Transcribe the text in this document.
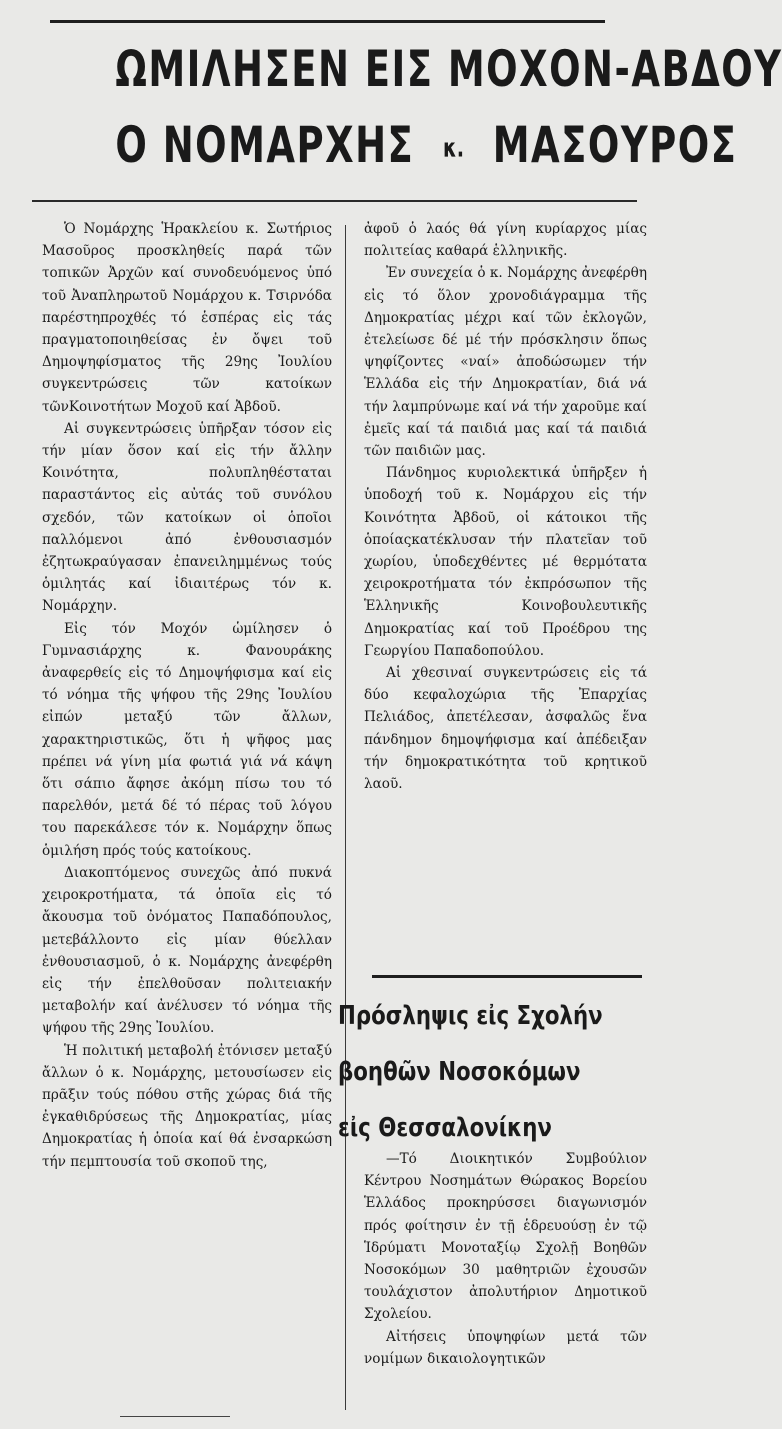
ΩΜΙΛΗΣΕΝ ΕΙΣ ΜΟΧΟΝ-ΑΒΔΟΥ
Ο ΝΟΜΑΡΧΗΣ κ. ΜΑΣΟΥΡΟΣ

Ὁ Νομάρχης Ἡρακλείου κ. Σωτήριος Μασοῦρος προσκληθείς παρά τῶν τοπικῶν Ἀρχῶν καί συνοδευόμενος ὑπό τοῦ Ἀναπληρωτοῦ Νομάρχου κ. Τσιρνόδα παρέστηπροχθές τό ἑσπέρας εἰς τάς πραγματοποιηθείσας ἐν ὄψει τοῦ Δημοψηφίσματος τῆς 29ης Ἰουλίου συγκεντρώσεις τῶν κατοίκων τῶνΚοινοτήτων Μοχοῦ καί Ἀβδοῦ.

Αἱ συγκεντρώσεις ὑπῆρξαν τόσον εἰς τήν μίαν ὅσον καί εἰς τήν ἄλλην Κοινότητα, πολυπληθέσταται παραστάντος εἰς αὐτάς τοῦ συνόλου σχεδόν, τῶν κατοίκων οἱ ὁποῖοι παλλόμενοι ἀπό ἐνθουσιασμόν ἐζητωκραύγασαν ἐπανειλημμένως τούς ὁμιλητάς καί ἰδιαιτέρως τόν κ. Νομάρχην.

Εἰς τόν Μοχόν ὡμίλησεν ὁ Γυμνασιάρχης κ. Φανουράκης ἀναφερθείς εἰς τό Δημοψήφισμα καί εἰς τό νόημα τῆς ψήφου τῆς 29ης Ἰουλίου εἰπών μεταξύ τῶν ἄλλων, χαρακτηριστικῶς, ὅτι ἡ ψῆφος μας πρέπει νά γίνη μία φωτιά γιά νά κάψη ὅτι σάπιο ἄφησε ἀκόμη πίσω του τό παρελθόν, μετά δέ τό πέρας τοῦ λόγου του παρεκάλεσε τόν κ. Νομάρχην ὅπως ὁμιλήση πρός τούς κατοίκους.

Διακοπτόμενος συνεχῶς ἀπό πυκνά χειροκροτήματα, τά ὁποῖα εἰς τό ἄκουσμα τοῦ ὀνόματος Παπαδόπουλος, μετεβάλλοντο εἰς μίαν θύελλαν ἐνθουσιασμοῦ, ὁ κ. Νομάρχης ἀνεφέρθη εἰς τήν ἐπελθοῦσαν πολιτειακήν μεταβολήν καί ἀνέλυσεν τό νόημα τῆς ψήφου τῆς 29ης Ἰουλίου.

Ἡ πολιτική μεταβολή ἐτόνισεν μεταξύ ἄλλων ὁ κ. Νομάρχης, μετουσίωσεν εἰς πρᾶξιν τούς πόθου στῆς χώρας διά τῆς ἐγκαθιδρύσεως τῆς Δημοκρατίας, μίας Δημοκρατίας ἡ ὁποία καί θά ἐνσαρκώση τήν πεμπτουσία τοῦ σκοποῦ της,

ἀφοῦ ὁ λαός θά γίνη κυρίαρχος μίας πολιτείας καθαρά ἑλληνικῆς.

Ἐν συνεχεία ὁ κ. Νομάρχης ἀνεφέρθη εἰς τό ὅλον χρονοδιάγραμμα τῆς Δημοκρατίας μέχρι καί τῶν ἐκλογῶν, ἐτελείωσε δέ μέ τήν πρόσκλησιν ὅπως ψηφίζοντες «ναί» ἀποδώσωμεν τήν Ἑλλάδα εἰς τήν Δημοκρατίαν, διά νά τήν λαμπρύνωμε καί νά τήν χαροῦμε καί ἐμεῖς καί τά παιδιά μας καί τά παιδιά τῶν παιδιῶν μας.

Πάνδημος κυριολεκτικά ὑπῆρξεν ἡ ὑποδοχή τοῦ κ. Νομάρχου εἰς τήν Κοινότητα Ἀβδοῦ, οἱ κάτοικοι τῆς ὁποίαςκατέκλυσαν τήν πλατεῖαν τοῦ χωρίου, ὑποδεχθέντες μέ θερμότατα χειροκροτήματα τόν ἐκπρόσωπον τῆς Ἑλληνικῆς Κοινοβουλευτικῆς Δημοκρατίας καί τοῦ Προέδρου της Γεωργίου Παπαδοπούλου.

Αἱ χθεσιναί συγκεντρώσεις εἰς τά δύο κεφαλοχώρια τῆς Ἐπαρχίας Πελιάδος, ἀπετέλεσαν, ἀσφαλῶς ἕνα πάνδημον δημοψήφισμα καί ἀπέδειξαν τήν δημοκρατικότητα τοῦ κρητικοῦ λαοῦ.

Πρόσληψις εἰς Σχολήν
βοηθῶν Νοσοκόμων
εἰς Θεσσαλονίκην

—Τό Διοικητικόν Συμβούλιον Κέντρου Νοσημάτων Θώρακος Βορείου Ἑλλάδος προκηρύσσει διαγωνισμόν πρός φοίτησιν ἐν τῇ ἑδρευούσῃ ἐν τῷ Ἱδρύματι Μονοταξίῳ Σχολῇ Βοηθῶν Νοσοκόμων 30 μαθητριῶν ἐχουσῶν τουλάχιστον ἀπολυτήριον Δημοτικοῦ Σχολείου.

Αἰτήσεις ὑποψηφίων μετά τῶν νομίμων δικαιολογητικῶν
